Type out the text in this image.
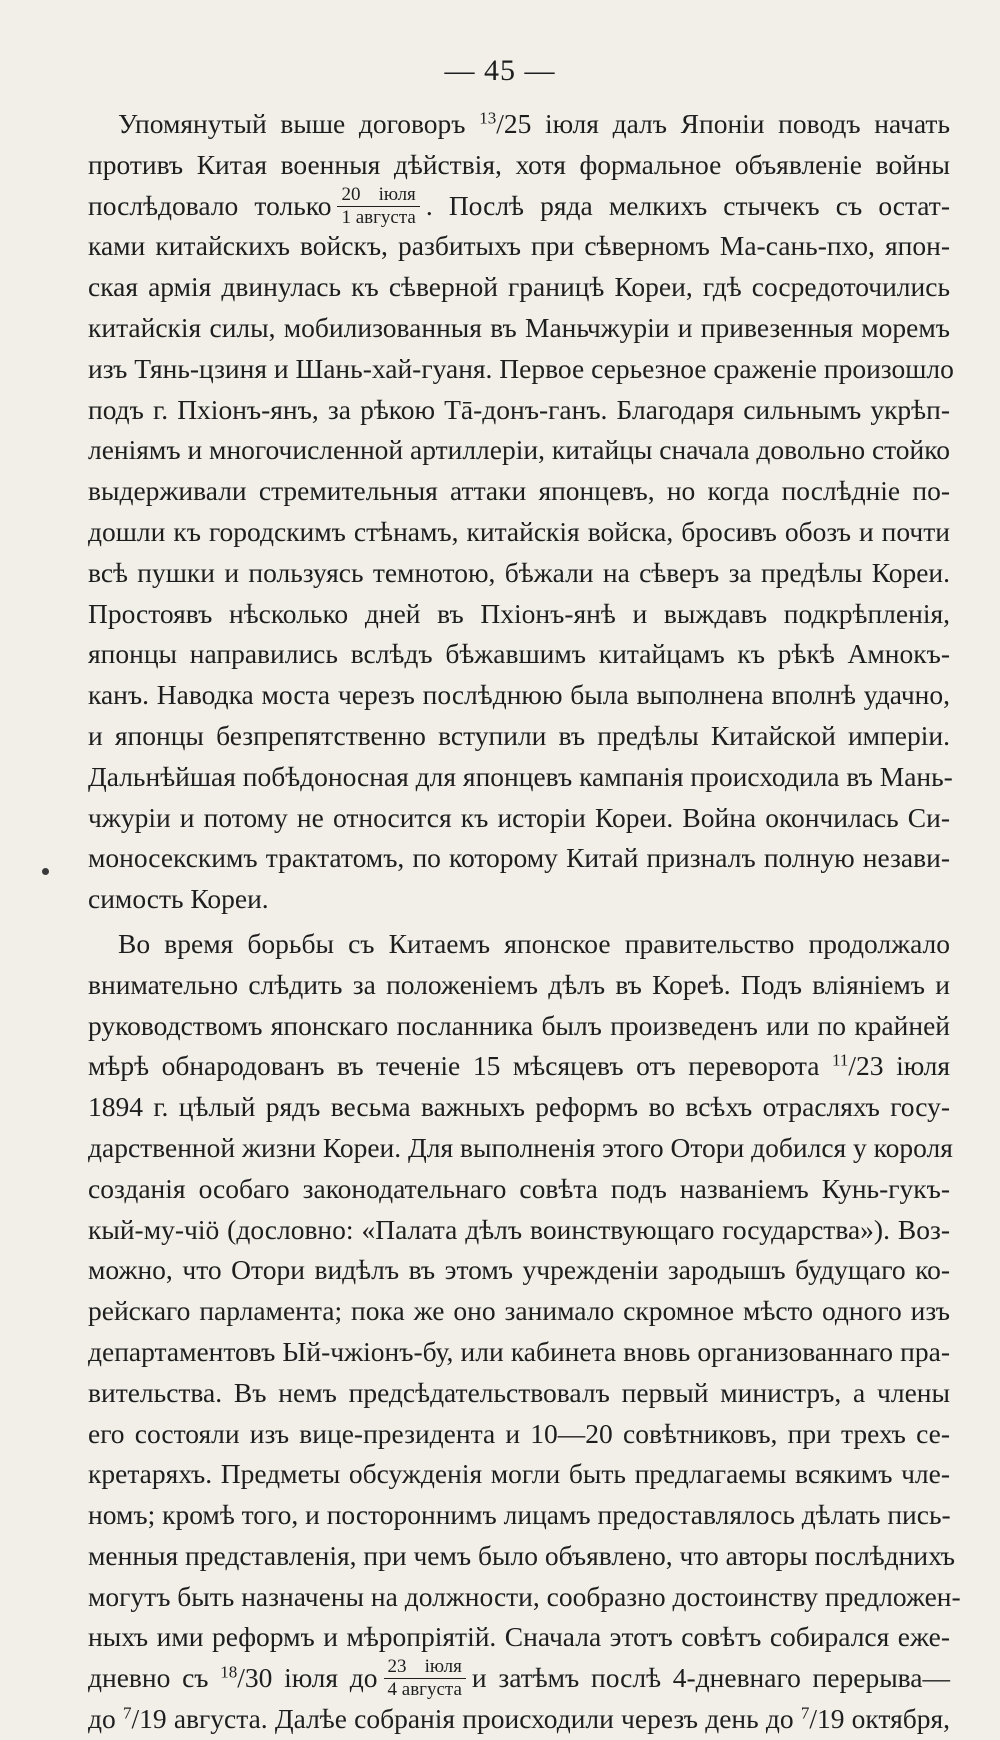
— 45 —
Упомянутый выше договоръ $^{13}$/25 іюля далъ Японіи поводъ начать
противъ Китая военныя дѣйствія, хотя формальное объявленіе войны
послѣдовало только $\frac{\text{20 іюля}}{\text{1 августа}}$ . Послѣ ряда мелкихъ стычекъ съ остат-
ками китайскихъ войскъ, разбитыхъ при сѣверномъ Ма-сань-пхо, япон-
ская армія двинулась къ сѣверной границѣ Кореи, гдѣ сосредоточились
китайскія силы, мобилизованныя въ Маньчжуріи и привезенныя моремъ
изъ Тянь-цзиня и Шань-хай-гуаня. Первое серьезное сраженіе произошло
подъ г. Пхіонъ-янъ, за рѣкою Тā-донъ-ганъ. Благодаря сильнымъ укрѣп-
леніямъ и многочисленной артиллеріи, китайцы сначала довольно стойко
выдерживали стремительныя аттаки японцевъ, но когда послѣдніе по-
дошли къ городскимъ стѣнамъ, китайскія войска, бросивъ обозъ и почти
всѣ пушки и пользуясь темнотою, бѣжали на сѣверъ за предѣлы Кореи.
Простоявъ нѣсколько дней въ Пхіонъ-янѣ и выждавъ подкрѣпленія,
японцы направились вслѣдъ бѣжавшимъ китайцамъ къ рѣкѣ Амнокъ-
канъ. Наводка моста черезъ послѣднюю была выполнена вполнѣ удачно,
и японцы безпрепятственно вступили въ предѣлы Китайской имперіи.
Дальнѣйшая побѣдоносная для японцевъ кампанія происходила въ Мань-
чжуріи и потому не относится къ исторіи Кореи. Война окончилась Си-
моносекскимъ трактатомъ, по которому Китай призналъ полную незави-
симость Кореи.
Во время борьбы съ Китаемъ японское правительство продолжало
внимательно слѣдить за положеніемъ дѣлъ въ Кореѣ. Подъ вліяніемъ и
руководствомъ японскаго посланника былъ произведенъ или по крайней
мѣрѣ обнародованъ въ теченіе 15 мѣсяцевъ отъ переворота $^{11}$/23 іюля
1894 г. цѣлый рядъ весьма важныхъ реформъ во всѣхъ отрасляхъ госу-
дарственной жизни Кореи. Для выполненія этого Отори добился у короля
созданія особаго законодательнаго совѣта подъ названіемъ Кунь-гукъ-
кый-му-чіö (дословно: «Палата дѣлъ воинствующаго государства»). Воз-
можно, что Отори видѣлъ въ этомъ учрежденіи зародышъ будущаго ко-
рейскаго парламента; пока же оно занимало скромное мѣсто одного изъ
департаментовъ Ый-чжіонъ-бу, или кабинета вновь организованнаго пра-
вительства. Въ немъ предсѣдательствовалъ первый министръ, а члены
его состояли изъ вице-президента и 10—20 совѣтниковъ, при трехъ се-
кретаряхъ. Предметы обсужденія могли быть предлагаемы всякимъ чле-
номъ; кромѣ того, и постороннимъ лицамъ предоставлялось дѣлать пись-
менныя представленія, при чемъ было объявлено, что авторы послѣднихъ
могутъ быть назначены на должности, сообразно достоинству предложен-
ныхъ ими реформъ и мѣропріятій. Сначала этотъ совѣтъ собирался еже-
дневно съ $^{18}$/30 іюля до $\frac{\text{23 іюля}}{\text{4 августа}}$ и затѣмъ послѣ 4-дневнаго перерыва—
до $^7$/19 августа. Далѣе собранія происходили черезъ день до $^7$/19 октября,
